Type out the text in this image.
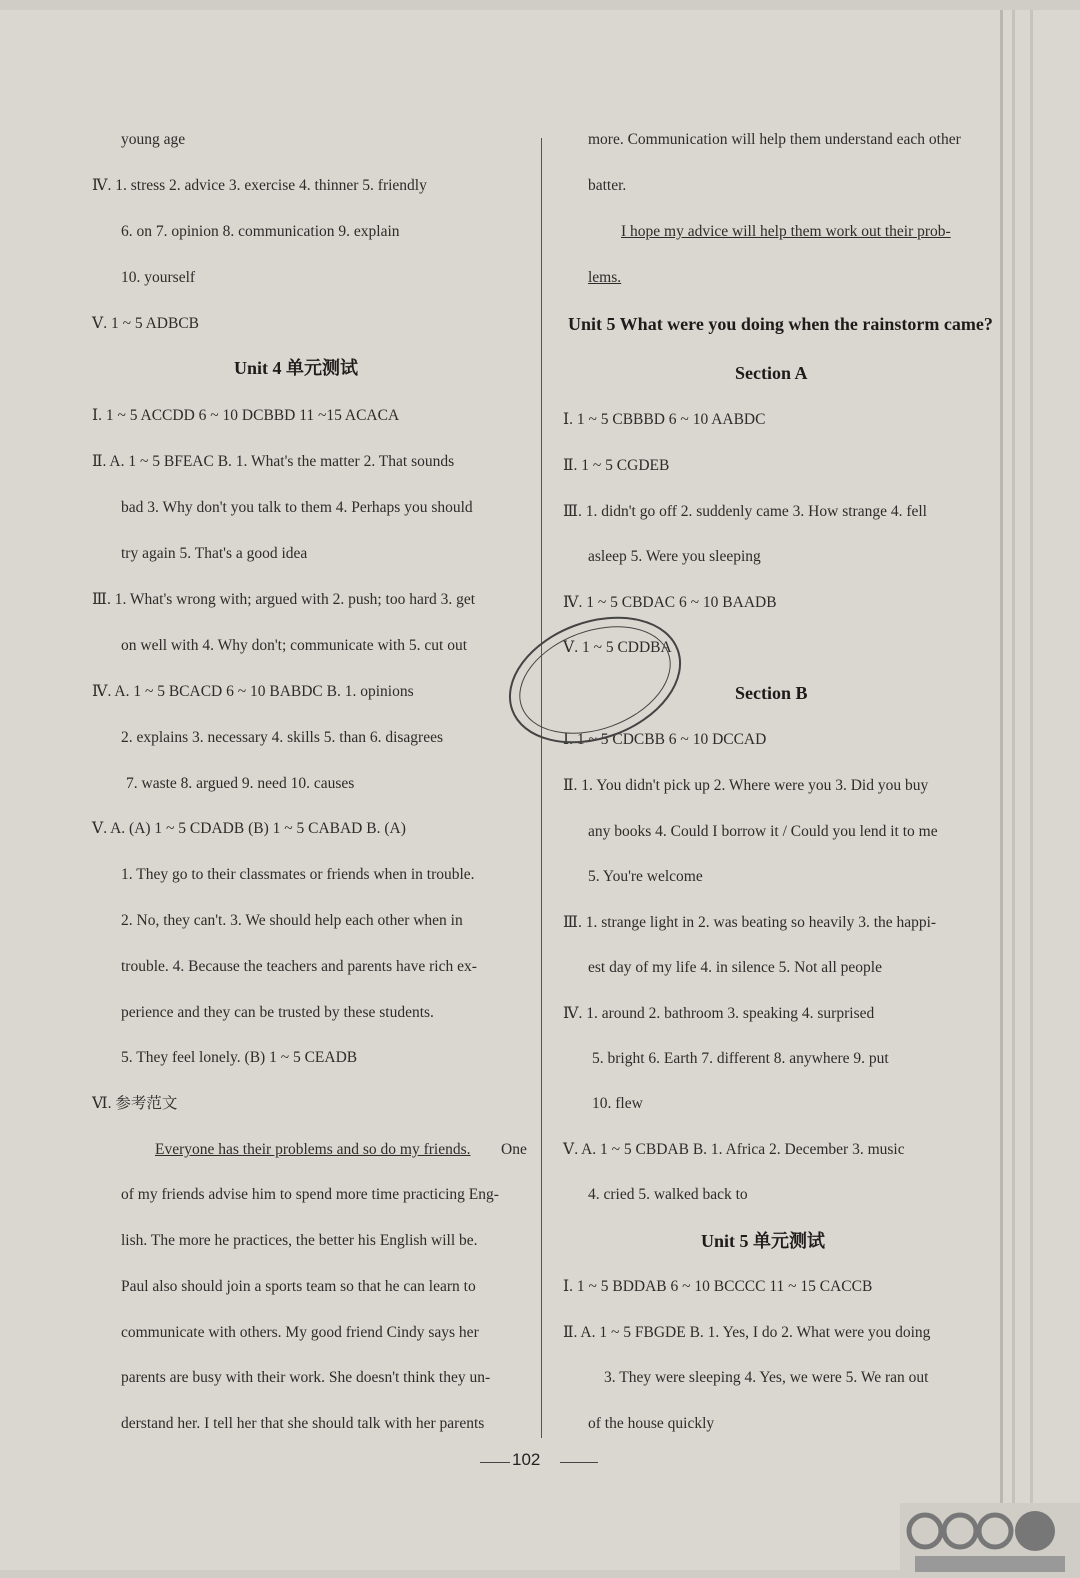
young age
Ⅳ. 1. stress 2. advice 3. exercise 4. thinner 5. friendly
6. on 7. opinion 8. communication 9. explain
10. yourself
Ⅴ. 1 ~ 5 ADBCB
Unit 4 单元测试
Ⅰ. 1 ~ 5 ACCDD 6 ~ 10 DCBBD 11 ~15 ACACA
Ⅱ. A. 1 ~ 5 BFEAC B. 1. What's the matter 2. That sounds
bad 3. Why don't you talk to them 4. Perhaps you should
try again 5. That's a good idea
Ⅲ. 1. What's wrong with; argued with 2. push; too hard 3. get
on well with 4. Why don't; communicate with 5. cut out
Ⅳ. A. 1 ~ 5 BCACD 6 ~ 10 BABDC B. 1. opinions
2. explains 3. necessary 4. skills 5. than 6. disagrees
7. waste 8. argued 9. need 10. causes
Ⅴ. A. (A) 1 ~ 5 CDADB (B) 1 ~ 5 CABAD B. (A)
1. They go to their classmates or friends when in trouble.
2. No, they can't. 3. We should help each other when in
trouble. 4. Because the teachers and parents have rich ex-
perience and they can be trusted by these students.
5. They feel lonely. (B) 1 ~ 5 CEADB
Ⅵ. 参考范文
Everyone has their problems and so do my friends. One
of my friends advise him to spend more time practicing Eng-
lish. The more he practices, the better his English will be.
Paul also should join a sports team so that he can learn to
communicate with others. My good friend Cindy says her
parents are busy with their work. She doesn't think they un-
derstand her. I tell her that she should talk with her parents
more. Communication will help them understand each other
batter.
I hope my advice will help them work out their prob-
lems.
Unit 5 What were you doing when the rainstorm came?
Section A
Ⅰ. 1 ~ 5 CBBBD 6 ~ 10 AABDC
Ⅱ. 1 ~ 5 CGDEB
Ⅲ. 1. didn't go off 2. suddenly came 3. How strange 4. fell
asleep 5. Were you sleeping
Ⅳ. 1 ~ 5 CBDAC 6 ~ 10 BAADB
Ⅴ. 1 ~ 5 CDDBA
Section B
Ⅰ. 1 ~ 5 CDCBB 6 ~ 10 DCCAD
Ⅱ. 1. You didn't pick up 2. Where were you 3. Did you buy
any books 4. Could I borrow it / Could you lend it to me
5. You're welcome
Ⅲ. 1. strange light in 2. was beating so heavily 3. the happi-
est day of my life 4. in silence 5. Not all people
Ⅳ. 1. around 2. bathroom 3. speaking 4. surprised
5. bright 6. Earth 7. different 8. anywhere 9. put
10. flew
Ⅴ. A. 1 ~ 5 CBDAB B. 1. Africa 2. December 3. music
4. cried 5. walked back to
Unit 5 单元测试
Ⅰ. 1 ~ 5 BDDAB 6 ~ 10 BCCCC 11 ~ 15 CACCB
Ⅱ. A. 1 ~ 5 FBGDE B. 1. Yes, I do 2. What were you doing
3. They were sleeping 4. Yes, we were 5. We ran out
of the house quickly
102
